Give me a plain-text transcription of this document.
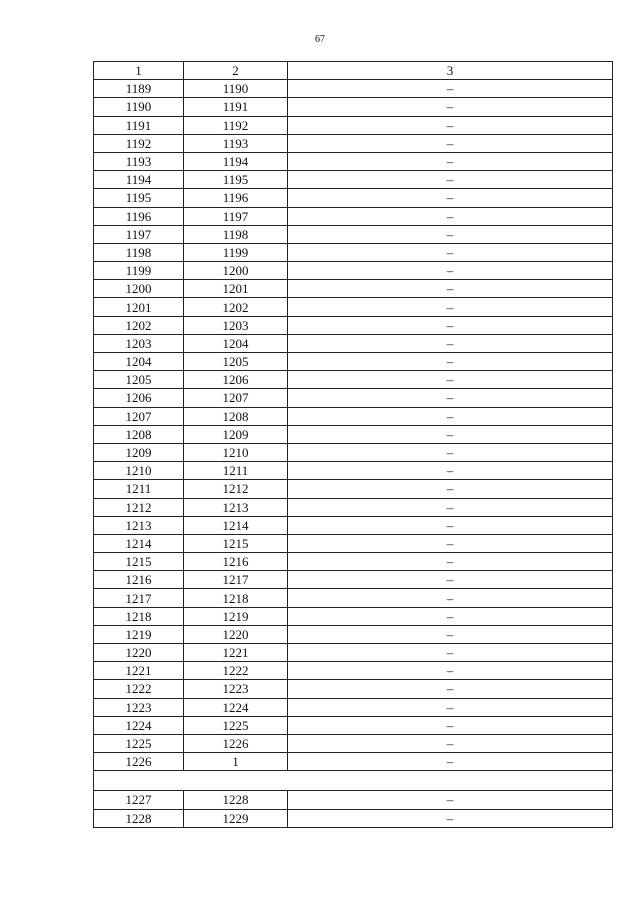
67
1	2	3
1189	1190	–
1190	1191	–
1191	1192	–
1192	1193	–
1193	1194	–
1194	1195	–
1195	1196	–
1196	1197	–
1197	1198	–
1198	1199	–
1199	1200	–
1200	1201	–
1201	1202	–
1202	1203	–
1203	1204	–
1204	1205	–
1205	1206	–
1206	1207	–
1207	1208	–
1208	1209	–
1209	1210	–
1210	1211	–
1211	1212	–
1212	1213	–
1213	1214	–
1214	1215	–
1215	1216	–
1216	1217	–
1217	1218	–
1218	1219	–
1219	1220	–
1220	1221	–
1221	1222	–
1222	1223	–
1223	1224	–
1224	1225	–
1225	1226	–
1226	1	–

1227	1228	–
1228	1229	–
